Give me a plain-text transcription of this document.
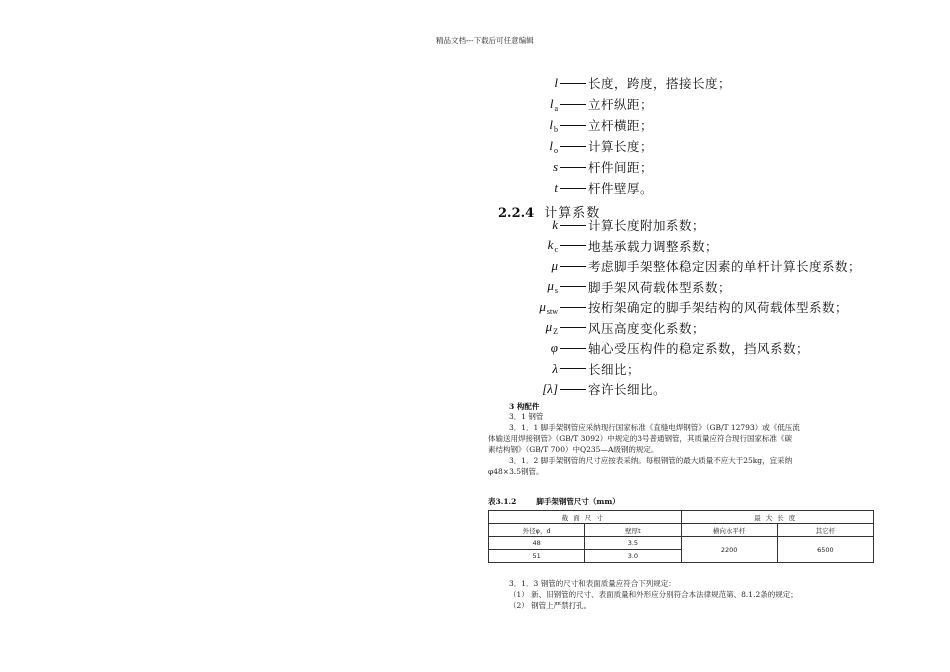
精品文档---下载后可任意编辑
l 长度，跨度，搭接长度；
$l_a$ 立杆纵距；
$l_b$ 立杆横距；
$l_o$ 计算长度；
s 杆件间距；
t 杆件壁厚。
2.2.4 计算系数
k 计算长度附加系数；
$k_c$ 地基承载力调整系数；
μ 考虑脚手架整体稳定因素的单杆计算长度系数；
$\mu_s$ 脚手架风荷载体型系数；
$\mu_{stw}$ 按桁架确定的脚手架结构的风荷载体型系数；
$\mu_Z$ 风压高度变化系数；
φ 轴心受压构件的稳定系数，挡风系数；
λ 长细比；
[λ] 容许长细比。
3 构配件
3．1 钢管
3．1．1 脚手架钢管应采纳现行国家标准《直缝电焊钢管》（GB/T 12793）或《低压流
体输送用焊接钢管》（GB/T 3092）中规定的3号普通钢管，其质量应符合现行国家标准《碳
素结构钢》（GB/T 700）中Q235—A级钢的规定。
3．1．2 脚手架钢管的尺寸应按表采纳。每根钢管的最大质量不应大于25kg，宜采纳
φ48×3.5钢管。
表3.1.2	脚手架钢管尺寸（mm）
截面尺寸		最大长度	
外径φ，d	壁厚t	横向水平杆	其它杆
48	3.5	2200	6500
51	3.0		
3．1．3 钢管的尺寸和表面质量应符合下列规定：
（1） 新、旧钢管的尺寸、表面质量和外形应分别符合本法律规范第、8.1.2条的规定；
（2） 钢管上严禁打孔。
